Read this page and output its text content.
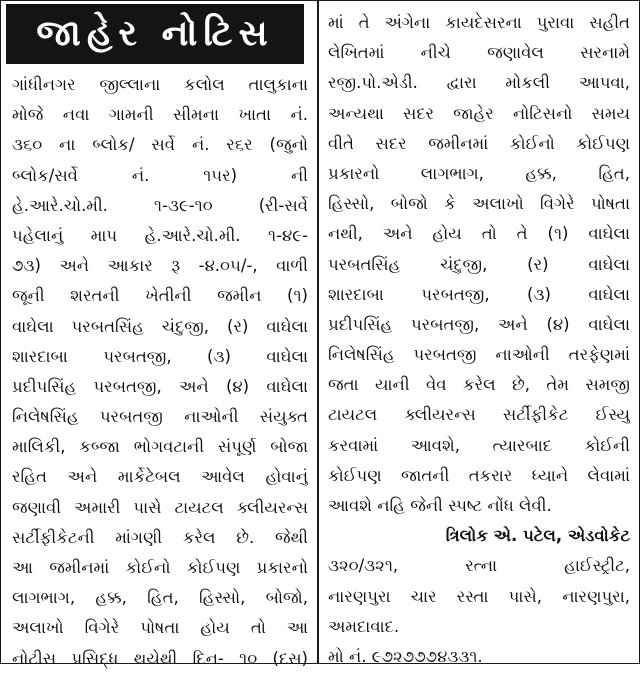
જાહેર નોટિસ
ગાંધીનગર જીલ્લાના કલોલ તાલુકાના
મોજે નવા ગામની સીમના ખાતા નં.
૩૬૦ ના બ્લોક/ સર્વે નં. ર૬ર (જુનો
બ્લોક/સર્વે નં. ૧૫ર) ની
હે.આરે.ચો.મી. ૧-૩૯-૧૦ (રી-સર્વે
પહેલાનું માપ હે.આરે.ચો.મી. ૧-૪૯-
૭૩) અને આકાર રૂ -૪.૦૫/-, વાળી
જૂની શરતની ખેતીની જમીન (૧)
વાઘેલા પરબતસિંહ ચંદુજી, (ર) વાઘેલા
શારદાબા પરબતજી, (૩) વાઘેલા
પ્રદીપસિંહ પરબતજી, અને (૪) વાઘેલા
નિલેષસિંહ પરબતજી નાઓની સંયુક્ત
માલિકી, કબ્જા ભોગવટાની સંપૂર્ણ બોજા
રહિત અને માર્કેટેબલ આવેલ હોવાનું
જણાવી અમારી પાસે ટાયટલ ક્લીયરન્સ
સર્ટીફીકેટની માંગણી કરેલ છે. જેથી
આ જમીનમાં કોઈનો કોઈપણ પ્રકારનો
લાગભાગ, હક્ક, હિત, હિસ્સો, બોજો,
અલાખો વિગેરે પોષતા હોય તો આ
નોટીસ પ્રસિદ્ધ થયેથી દિન- ૧૦ (દસ)
માં તે અંગેના કાયદેસરના પુરાવા સહીત
લેખિતમાં નીચે જણાવેલ સરનામે
રજી.પો.એડી. દ્વારા મોકલી આપવા,
અન્યથા સદર જાહેર નોટિસનો સમય
વીતે સદર જમીનમાં કોઈનો કોઈપણ
પ્રકારનો લાગભાગ, હક્ક, હિત,
હિસ્સો, બોજો કે અલાખો વિગેરે પોષતા
નથી, અને હોય તો તે (૧) વાઘેલા
પરબતસિંહ ચંદુજી, (ર) વાઘેલા
શારદાબા પરબતજી, (૩) વાઘેલા
પ્રદીપસિંહ પરબતજી, અને (૪) વાઘેલા
નિલેષસિંહ પરબતજી નાઓની તરફેણમાં
જતા યાની વેવ કરેલ છે, તેમ સમજી
ટાયટલ ક્લીયરન્સ સર્ટીફીકેટ ઈસ્યુ
કરવામાં આવશે, ત્યારબાદ કોઈની
કોઈપણ જાતની તકરાર ધ્યાને લેવામાં
આવશે નહિ જેની સ્પષ્ટ નોંધ લેવી.
ત્રિલોક એ. પટેલ, એડવોકેટ
૩૨૦/૩૨૧, રત્ના હાઈસ્ટ્રીટ,
નારણપુરા ચાર રસ્તા પાસે, નારણપુરા,
અમદાવાદ.
મો નં. ૯૭૨૭૭૭૪૩૩૧.
